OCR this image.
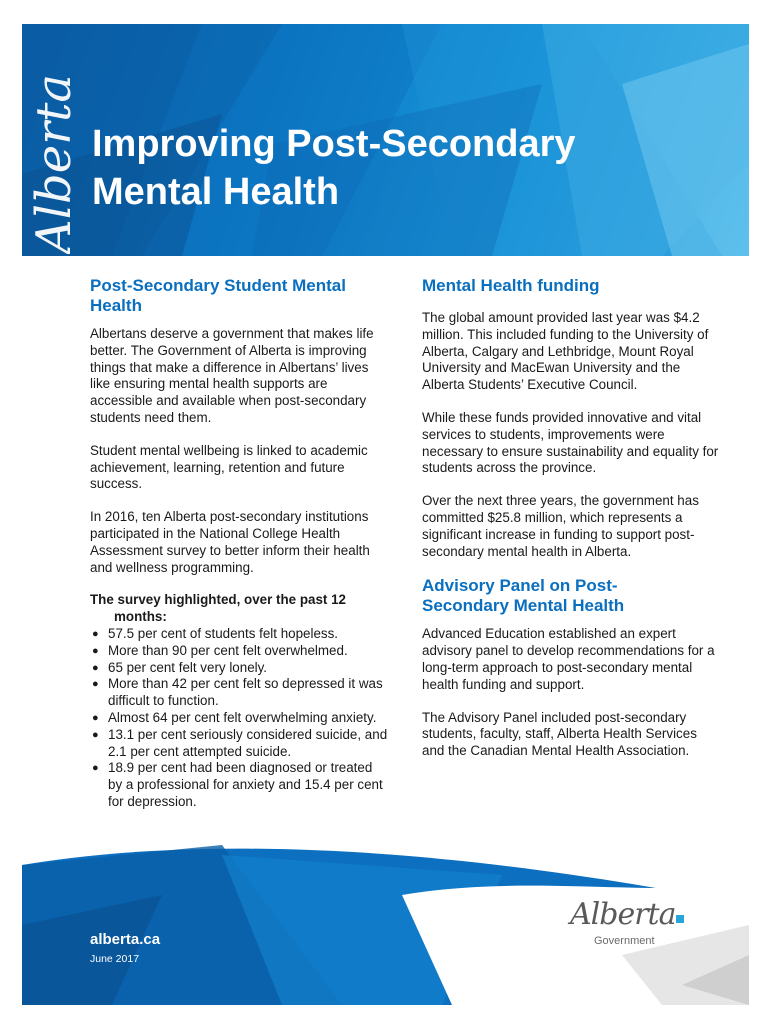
Alberta Improving Post-Secondary
Mental Health
Post-Secondary Student Mental
Health

Albertans deserve a government that makes life better. The Government of Alberta is improving things that make a difference in Albertans’ lives like ensuring mental health supports are accessible and available when post-secondary students need them.

Student mental wellbeing is linked to academic achievement, learning, retention and future success.

In 2016, ten Alberta post-secondary institutions participated in the National College Health Assessment survey to better inform their health and wellness programming.

The survey highlighted, over the past 12
months:
● 57.5 per cent of students felt hopeless.
● More than 90 per cent felt overwhelmed.
● 65 per cent felt very lonely.
● More than 42 per cent felt so depressed it was difficult to function.
● Almost 64 per cent felt overwhelming anxiety.
● 13.1 per cent seriously considered suicide, and 2.1 per cent attempted suicide.
● 18.9 per cent had been diagnosed or treated by a professional for anxiety and 15.4 per cent for depression.
Mental Health funding

The global amount provided last year was $4.2 million. This included funding to the University of Alberta, Calgary and Lethbridge, Mount Royal University and MacEwan University and the Alberta Students’ Executive Council.

While these funds provided innovative and vital services to students, improvements were necessary to ensure sustainability and equality for students across the province.

Over the next three years, the government has committed $25.8 million, which represents a significant increase in funding to support post-secondary mental health in Alberta.

Advisory Panel on Post-
Secondary Mental Health

Advanced Education established an expert advisory panel to develop recommendations for a long-term approach to post-secondary mental health funding and support.

The Advisory Panel included post-secondary students, faculty, staff, Alberta Health Services and the Canadian Mental Health Association.

alberta.ca
June 2017
Alberta
Government
